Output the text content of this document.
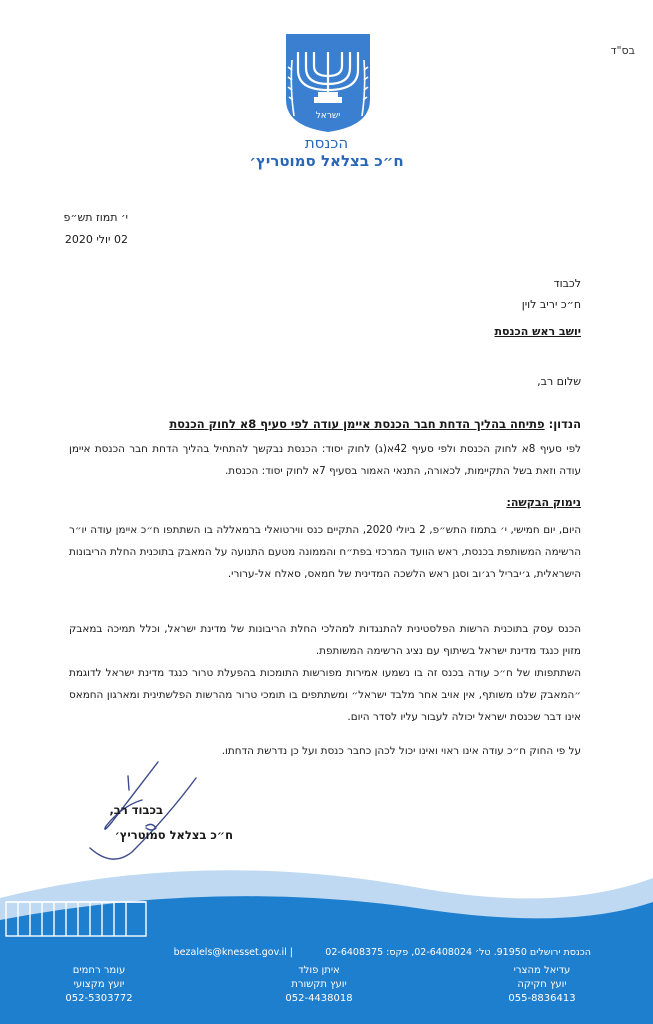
בס"ד
ישראל
הכנסת
ח״כ בצלאל סמוטריץ׳
י׳ תמוז תש״פ
02 יולי 2020
לכבוד
ח״כ יריב לוין
יושב ראש הכנסת
שלום רב,
הנדון: פתיחה בהליך הדחת חבר הכנסת איימן עודה לפי סעיף 8א לחוק הכנסת
לפי סעיף 8א לחוק הכנסת ולפי סעיף 42א(ג) לחוק יסוד: הכנסת נבקשך להתחיל בהליך הדחת חבר הכנסת איימן עודה וזאת בשל התקיימות, לכאורה, התנאי האמור בסעיף 7א לחוק יסוד: הכנסת.
נימוק הבקשה:
היום, יום חמישי, י׳ בתמוז התש״פ, 2 ביולי 2020, התקיים כנס ווירטואלי ברמאללה בו השתתפו ח״כ איימן עודה יו״ר הרשימה המשותפת בכנסת, ראש הוועד המרכזי בפת״ח והממונה מטעם התנועה על המאבק בתוכנית החלת הריבונות הישראלית, ג׳יבריל רג׳וב וסגן ראש הלשכה המדינית של חמאס, סאלח אל-ערורי.
הכנס עסק בתוכנית הרשות הפלסטינית להתנגדות למהלכי החלת הריבונות של מדינת ישראל, וכלל תמיכה במאבק מזוין כנגד מדינת ישראל בשיתוף עם נציג הרשימה המשותפת.
השתתפותו של ח״כ עודה בכנס זה בו נשמעו אמירות מפורשות התומכות בהפעלת טרור כנגד מדינת ישראל לדוגמת ״המאבק שלנו משותף, אין אויב אחר מלבד ישראל״ ומשתתפים בו תומכי טרור מהרשות הפלשתינית ומארגון החמאס אינו דבר שכנסת ישראל יכולה לעבור עליו לסדר היום.
על פי החוק ח״כ עודה אינו ראוי ואינו יכול לכהן כחבר כנסת ועל כן נדרשת הדחתו.
בכבוד רב,
ח״כ בצלאל סמוטריץ׳
הכנסת ירושלים 91950. טל׳ 02-6408024, פקס: 02-6408375
bezalels@knesset.gov.il |
עדיאל מהצרי
יועץ חקיקה
055-8836413
איתן פולד
יועץ תקשורת
052-4438018
עומר רחמים
יועץ מקצועי
052-5303772
